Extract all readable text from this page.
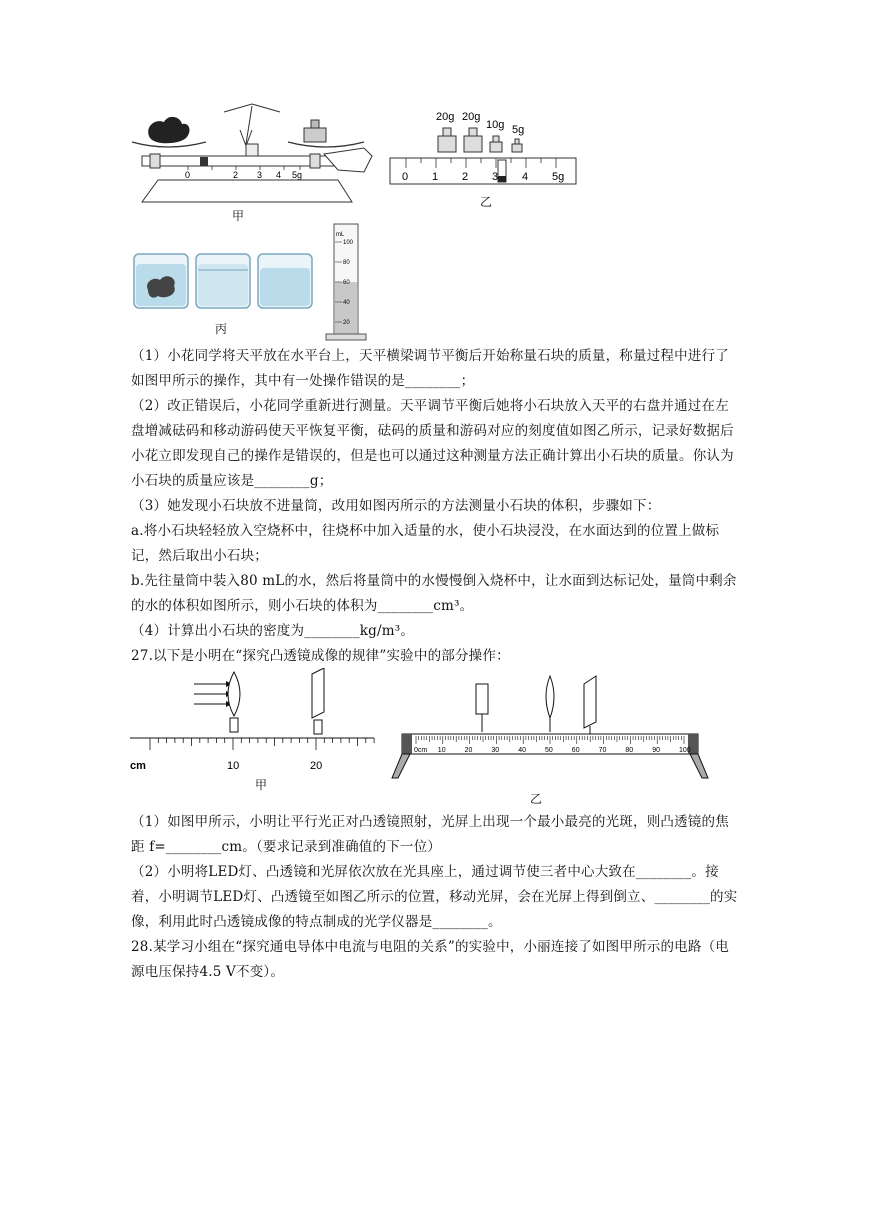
0	2 3 4 5g
甲
20g 20g
10g 5g
0 1 2 3 4 5g
乙
mL
100
80
60
40
20
丙

（1）小花同学将天平放在水平台上，天平横梁调节平衡后开始称量石块的质量，称量过程中进行了如图甲所示的操作，其中有一处操作错误的是________；

（2）改正错误后，小花同学重新进行测量。天平调节平衡后她将小石块放入天平的右盘并通过在左盘增减砝码和移动游码使天平恢复平衡，砝码的质量和游码对应的刻度值如图乙所示，记录好数据后小花立即发现自己的操作是错误的，但是也可以通过这种测量方法正确计算出小石块的质量。你认为小石块的质量应该是________g；

（3）她发现小石块放不进量筒，改用如图丙所示的方法测量小石块的体积，步骤如下：

a.将小石块轻轻放入空烧杯中，往烧杯中加入适量的水，使小石块浸没，在水面达到的位置上做标记，然后取出小石块；

b.先往量筒中装入80 mL的水，然后将量筒中的水慢慢倒入烧杯中，让水面到达标记处，量筒中剩余的水的体积如图所示，则小石块的体积为________cm³。

（4）计算出小石块的密度为________kg/m³。

27.以下是小明在“探究凸透镜成像的规律”实验中的部分操作：

cm	10	20
甲
0cm 10	20	30	40	50	60	70	80	90	100
乙

（1）如图甲所示，小明让平行光正对凸透镜照射，光屏上出现一个最小最亮的光斑，则凸透镜的焦距 f=________cm。（要求记录到准确值的下一位）

（2）小明将LED灯、凸透镜和光屏依次放在光具座上，通过调节使三者中心大致在________。接着，小明调节LED灯、凸透镜至如图乙所示的位置，移动光屏，会在光屏上得到倒立、________的实像，利用此时凸透镜成像的特点制成的光学仪器是________。

28.某学习小组在“探究通电导体中电流与电阻的关系”的实验中，小丽连接了如图甲所示的电路（电源电压保持4.5 V不变）。
